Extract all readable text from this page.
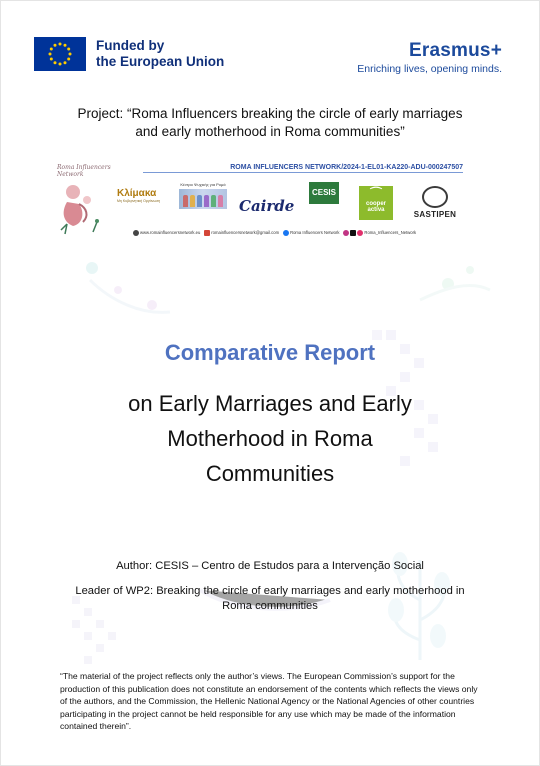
Funded by
the European Union
Erasmus+
Enriching lives, opening minds.
Project: “Roma Influencers breaking the circle of early marriages
and early motherhood in Roma communities”
Roma Influencers Network
ROMA INFLUENCERS NETWORK/2024-1-EL01-KA220-ADU-000247507
Κλίμακα
Μη Κυβερνητική Οργάνωση
Κέντρο Ψυχικής για Ρομά
Cairde
CESIS	⌒
cooper activa	SASTIPEN
www.romainfluencersnetwork.eu	romainfluencersnetwork@gmail.com	Roma Influencers Network	Roma_Influencers_Network
Comparative Report
on Early Marriages and Early
Motherhood in Roma
Communities
Author: CESIS – Centro de Estudos para a Intervenção Social
Leader of WP2: Breaking the circle of early marriages and early motherhood in
Roma communities
“The material of the project reflects only the author’s views. The European Commission’s support for the production of this publication does not constitute an endorsement of the contents which reflects the views only of the authors, and the Commission, the Hellenic National Agency or the National Agencies of other countries participating in the project cannot be held responsible for any use which may be made of the information contained therein”.
